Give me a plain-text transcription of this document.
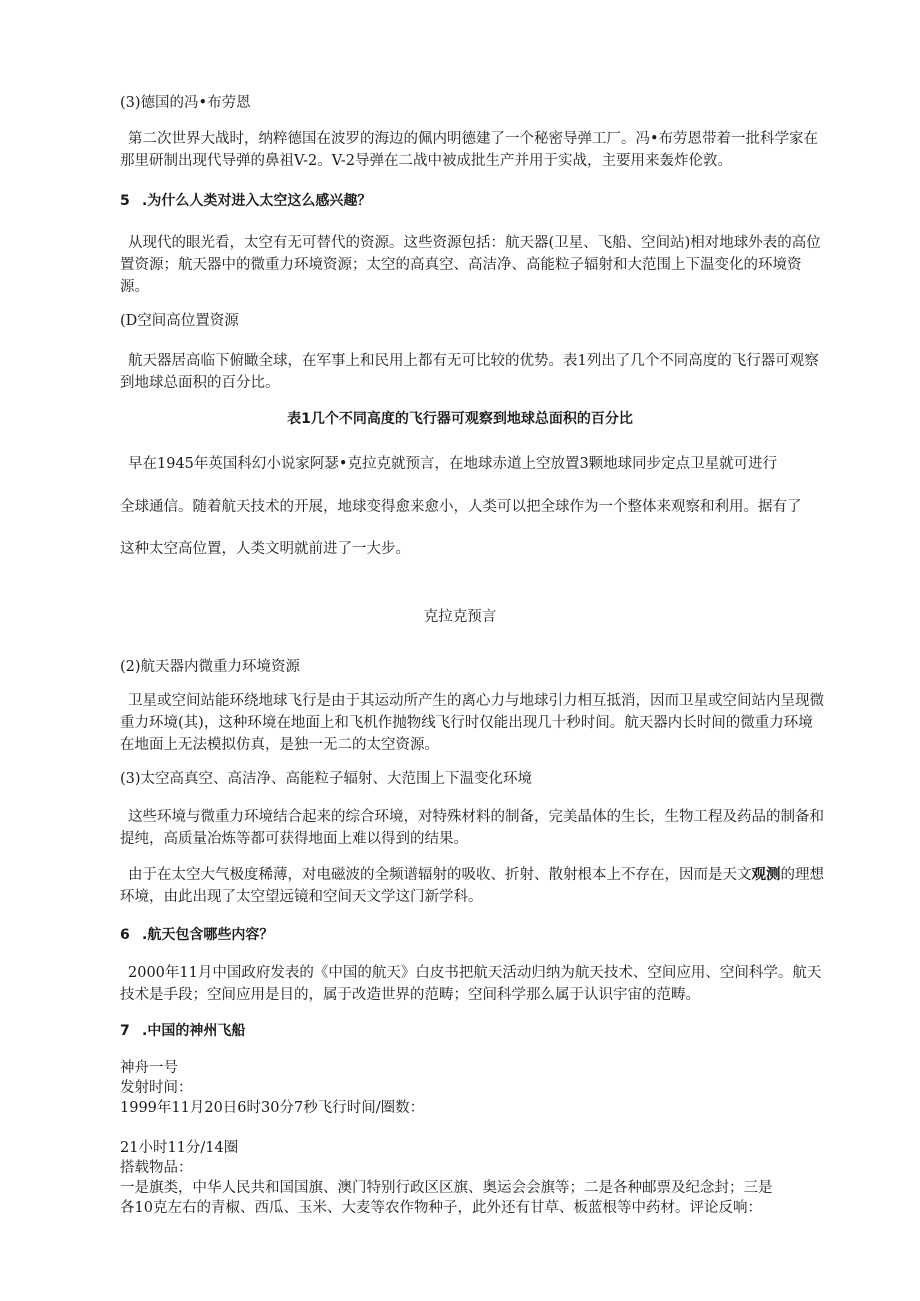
(3)德国的冯•布劳恩

第二次世界大战时，纳粹德国在波罗的海边的佩内明德建了一个秘密导弹工厂。冯•布劳恩带着一批科学家在那里研制出现代导弹的鼻祖V-2。V-2导弹在二战中被成批生产并用于实战，主要用来轰炸伦敦。

5 .为什么人类对进入太空这么感兴趣？

从现代的眼光看，太空有无可替代的资源。这些资源包括：航天器(卫星、飞船、空间站)相对地球外表的高位置资源；航天器中的微重力环境资源；太空的高真空、高洁净、高能粒子辐射和大范围上下温变化的环境资源。

(D空间高位置资源

航天器居高临下俯瞰全球，在军事上和民用上都有无可比较的优势。表1列出了几个不同高度的飞行器可观察到地球总面积的百分比。

表1几个不同高度的飞行器可观察到地球总面积的百分比

早在1945年英国科幻小说家阿瑟•克拉克就预言，在地球赤道上空放置3颗地球同步定点卫星就可进行

全球通信。随着航天技术的开展，地球变得愈来愈小，人类可以把全球作为一个整体来观察和利用。据有了

这种太空高位置，人类文明就前进了一大步。

克拉克预言

(2)航天器内微重力环境资源

卫星或空间站能环绕地球飞行是由于其运动所产生的离心力与地球引力相互抵消，因而卫星或空间站内呈现微重力环境(其)，这种环境在地面上和飞机作抛物线飞行时仅能出现几十秒时间。航天器内长时间的微重力环境在地面上无法模拟仿真，是独一无二的太空资源。

(3)太空高真空、高洁净、高能粒子辐射、大范围上下温变化环境

这些环境与微重力环境结合起来的综合环境，对特殊材料的制备，完美晶体的生长，生物工程及药品的制备和提纯，高质量冶炼等都可获得地面上难以得到的结果。

由于在太空大气极度稀薄，对电磁波的全频谱辐射的吸收、折射、散射根本上不存在，因而是天文观测的理想环境，由此出现了太空望远镜和空间天文学这门新学科。

6 .航天包含哪些内容？

2000年11月中国政府发表的《中国的航天》白皮书把航天活动归纳为航天技术、空间应用、空间科学。航天技术是手段；空间应用是目的，属于改造世界的范畴；空间科学那么属于认识宇宙的范畴。

7 .中国的神州飞船

神舟一号
发射时间：
1999年11月20日6时30分7秒飞行时间/圈数：
21小时11分/14圈
搭载物品：
一是旗类，中华人民共和国国旗、澳门特别行政区区旗、奥运会会旗等；二是各种邮票及纪念封；三是
各10克左右的青椒、西瓜、玉米、大麦等农作物种子，此外还有甘草、板蓝根等中药材。评论反响：
